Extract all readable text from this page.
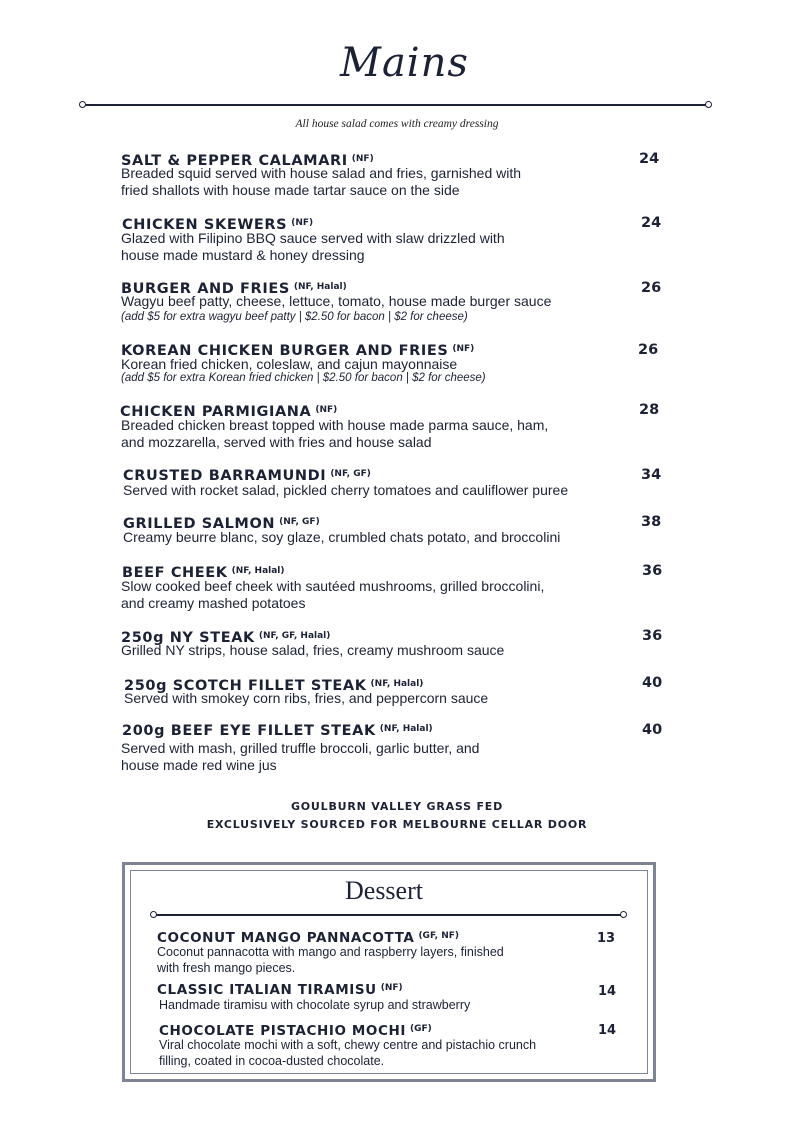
Mains
All house salad comes with creamy dressing
SALT & PEPPER CALAMARI $^{(NF)}$
Breaded squid served with house salad and fries, garnished with
fried shallots with house made tartar sauce on the side
24
CHICKEN SKEWERS $^{(NF)}$
Glazed with Filipino BBQ sauce served with slaw drizzled with
house made mustard & honey dressing
24
BURGER AND FRIES $^{(NF, Halal)}$
Wagyu beef patty, cheese, lettuce, tomato, house made burger sauce
(add $5 for extra wagyu beef patty | $2.50 for bacon | $2 for cheese)
26
KOREAN CHICKEN BURGER AND FRIES $^{(NF)}$
Korean fried chicken, coleslaw, and cajun mayonnaise
(add $5 for extra Korean fried chicken | $2.50 for bacon | $2 for cheese)
26
CHICKEN PARMIGIANA $^{(NF)}$
Breaded chicken breast topped with house made parma sauce, ham,
and mozzarella, served with fries and house salad
28
CRUSTED BARRAMUNDI $^{(NF, GF)}$
Served with rocket salad, pickled cherry tomatoes and cauliflower puree
34
GRILLED SALMON $^{(NF, GF)}$
Creamy beurre blanc, soy glaze, crumbled chats potato, and broccolini
38
BEEF CHEEK $^{(NF, Halal)}$
Slow cooked beef cheek with sautéed mushrooms, grilled broccolini,
and creamy mashed potatoes
36
250g NY STEAK $^{(NF, GF, Halal)}$
Grilled NY strips, house salad, fries, creamy mushroom sauce
36
250g SCOTCH FILLET STEAK $^{(NF, Halal)}$
Served with smokey corn ribs, fries, and peppercorn sauce
40
200g BEEF EYE FILLET STEAK $^{(NF, Halal)}$
Served with mash, grilled truffle broccoli, garlic butter, and
house made red wine jus
40
GOULBURN VALLEY GRASS FED
EXCLUSIVELY SOURCED FOR MELBOURNE CELLAR DOOR
Dessert
COCONUT MANGO PANNACOTTA $^{(GF, NF)}$
Coconut pannacotta with mango and raspberry layers, finished
with fresh mango pieces.
13
CLASSIC ITALIAN TIRAMISU $^{(NF)}$
Handmade tiramisu with chocolate syrup and strawberry
14
CHOCOLATE PISTACHIO MOCHI $^{(GF)}$
Viral chocolate mochi with a soft, chewy centre and pistachio crunch
filling, coated in cocoa-dusted chocolate.
14
